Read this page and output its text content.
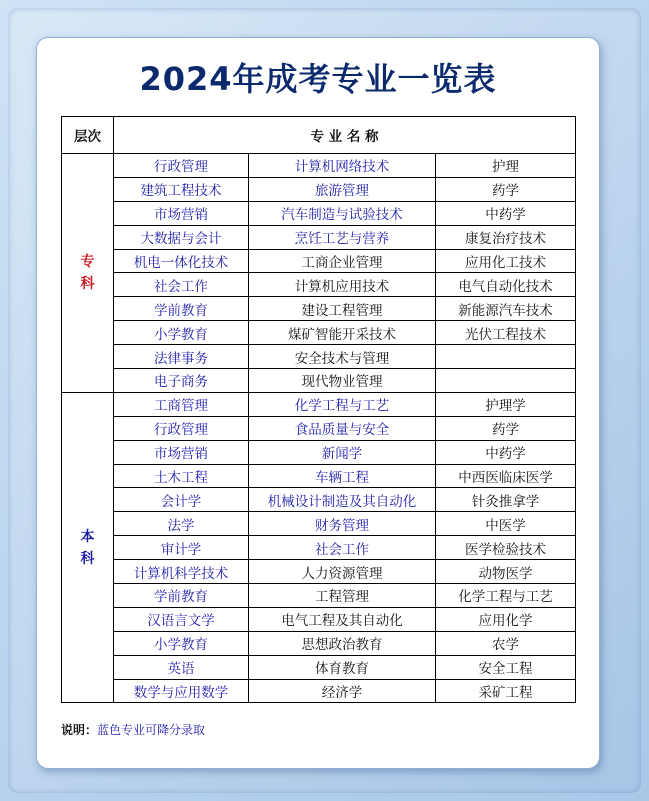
2024年成考专业一览表
层次	专 业 名 称		

专
科	行政管理	计算机网络技术	护理
	建筑工程技术	旅游管理	药学
	市场营销	汽车制造与试验技术	中药学
	大数据与会计	烹饪工艺与营养	康复治疗技术
	机电一体化技术	工商企业管理	应用化工技术
	社会工作	计算机应用技术	电气自动化技术
	学前教育	建设工程管理	新能源汽车技术
	小学教育	煤矿智能开采技术	光伏工程技术
	法律事务	安全技术与管理	
	电子商务	现代物业管理	

本
科	工商管理	化学工程与工艺	护理学
	行政管理	食品质量与安全	药学
	市场营销	新闻学	中药学
	土木工程	车辆工程	中西医临床医学
	会计学	机械设计制造及其自动化	针灸推拿学
	法学	财务管理	中医学
	审计学	社会工作	医学检验技术
	计算机科学技术	人力资源管理	动物医学
	学前教育	工程管理	化学工程与工艺
	汉语言文学	电气工程及其自动化	应用化学
	小学教育	思想政治教育	农学
	英语	体育教育	安全工程
	数学与应用数学	经济学	采矿工程
说明：蓝色专业可降分录取
